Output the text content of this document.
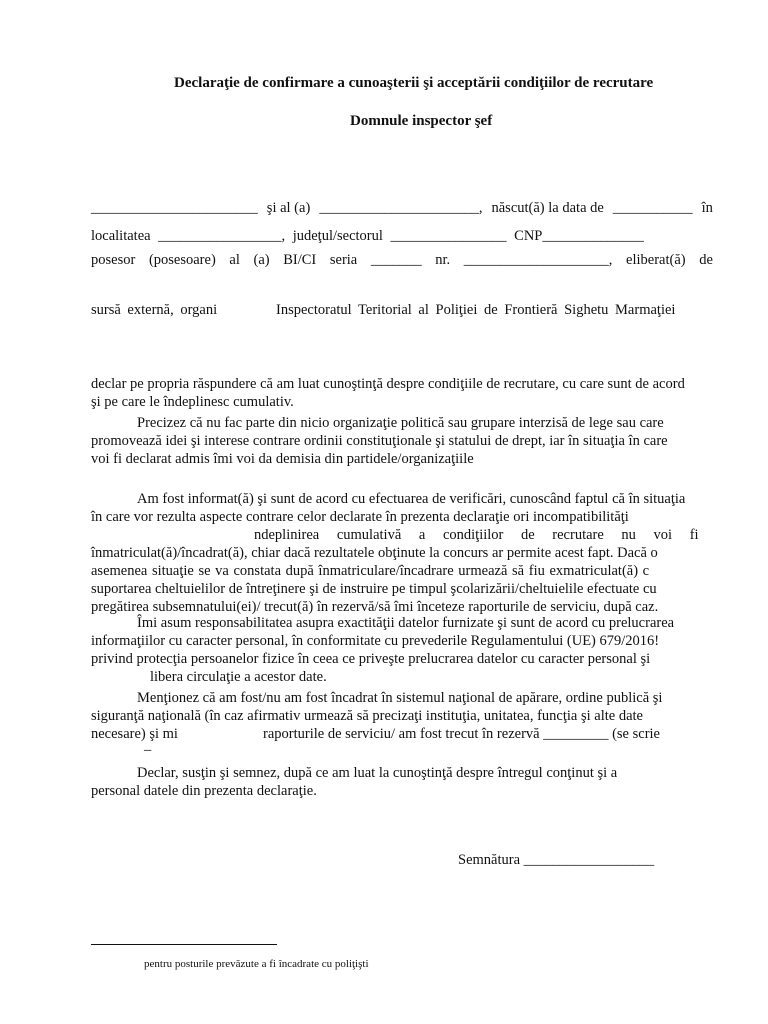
Declaraţie de confirmare a cunoaşterii şi acceptării condiţiilor de recrutare
Domnule inspector şef
_______________________ şi al (a) ______________________, născut(ă) la data de ___________ în
localitatea _________________, judeţul/sectorul ________________ CNP______________
posesor (posesoare) al (a) BI/CI seria _______ nr. ____________________, eliberat(ă) de
sursă externă, organi	Inspectoratul Teritorial al Poliţiei de Frontieră Sighetu Marmaţiei
declar pe propria răspundere că am luat cunoştinţă despre condiţiile de recrutare, cu care sunt de acord
şi pe care le îndeplinesc cumulativ.
Precizez că nu fac parte din nicio organizaţie politică sau grupare interzisă de lege sau care
promovează idei şi interese contrare ordinii constituţionale şi statului de drept, iar în situaţia în care
voi fi declarat admis îmi voi da demisia din partidele/organizaţiile
Am fost informat(ă) şi sunt de acord cu efectuarea de verificări, cunoscând faptul că în situaţia
în care vor rezulta aspecte contrare celor declarate în prezenta declaraţie ori incompatibilităţi
ndeplinirea cumulativă a condiţiilor de recrutare nu voi fi
înmatriculat(ă)/încadrat(ă), chiar dacă rezultatele obţinute la concurs ar permite acest fapt. Dacă o
asemenea situaţie se va constata după înmatriculare/încadrare urmează să fiu exmatriculat(ă) c
suportarea cheltuielilor de întreţinere şi de instruire pe timpul şcolarizării/cheltuielile efectuate cu
pregătirea subsemnatului(ei)/ trecut(ă) în rezervă/să îmi înceteze raporturile de serviciu, după caz.
Îmi asum responsabilitatea asupra exactităţii datelor furnizate şi sunt de acord cu prelucrarea
informaţiilor cu caracter personal, în conformitate cu prevederile Regulamentului (UE) 679/2016!
privind protecţia persoanelor fizice în ceea ce priveşte prelucrarea datelor cu caracter personal şi
libera circulaţie a acestor date.
Menţionez că am fost/nu am fost încadrat în sistemul naţional de apărare, ordine publică şi
siguranţă naţională (în caz afirmativ urmează să precizaţi instituţia, unitatea, funcţia şi alte date
necesare) şi mi	raporturile de serviciu/ am fost trecut în rezervă _________ (se scrie
–
Declar, susţin şi semnez, după ce am luat la cunoştinţă despre întregul conţinut şi a
personal datele din prezenta declaraţie.
Semnătura __________________
pentru posturile prevăzute a fi încadrate cu poliţişti
